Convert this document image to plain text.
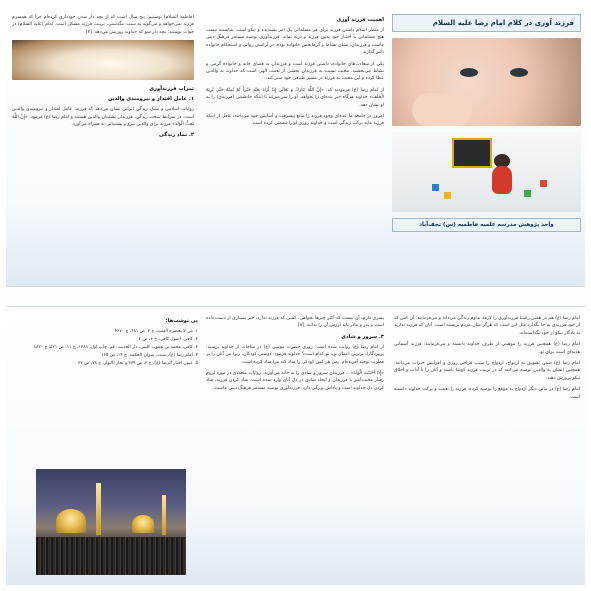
(فاطمه السلام) نوشتیم: پنج سال است که از بچه دار شدن خودداری کرده‌ام چرا که همسرم فرزند نمی‌خواهد و می‌گوید به سبب تنگدستی، تربیت فرزند مشکل است. امام (علیه السلام) در جواب نوشتند: بچه دار شو که خداوند روزیش می‌دهد. [۷]

ثمرات فرزندآوری
۱. عامل اقتدار و نیرومندی والدین

روایات اسلامی و سبک زندگی ایرانی نشان می‌دهد که فرزند، عامل اقتدار و نیرومندی والدین است. در شرایط سخت زندگی، فرزندان پشتیبان والدین هستند و امام رضا (ع) فرمود: «إِنَّ اللَّهَ يُحِبُّ الْوَلَدَ» فرزند برای والدین نیرو و پشتیبانی به همراه می‌آورد.

۲. نماد زندگی
اهمیت فرزند آوری

از منظر اسلام داشتن فرزند برای هر مسلمانی یک امر پسندیده و نیکو است. شایسته نیست هیچ مسلمانی با اختیار خود بدون فرزند و ذریه بماند. فرزندآوری توصیه مستمر فرهنگ دینی ماست و فرزندان، نشان نشاط و گرمابخش خانواده بوده، در آرامش روانی و استحکام خانواده تاثیر گذارند.

یکی از سعادت‌های خانواده، داشتن فرزند است و فرزندان به فضای خانه و خانواده گرمی و نشاط می‌بخشند. محبت نسبت به فرزندان بخشی از نعمت الهی است که خداوند به والدین عطا کرده و این محبت به فرزند در مسیر طبیعی خود سیر کند.

از امام رضا (ع) فرمودند که: «إِنَّ اللَّهَ تَبَارَكَ وَ تَعَالَى إِذَا أَرَادَ بِعَبْدٍ خَيْراً لَمْ يُمِتْهُ حَتَّى يُرِيَهُ الْخَلَفَ» خداوند هرگاه خیر بنده‌ای را بخواهد، او را نمی‌میراند تا اینکه جانشینی (فرزندی) را به او نشان دهد.

امروز در جامعه ما عده‌ای وجود فرزند را مانع پیشرفت و آسایش خود می‌دانند، غافل از اینکه فرزند مایه برکت زندگی است و خداوند روزی او را تضمین کرده است.

فرزند آوری در کلام امام رضا علیه السلام
واحد پژوهش مدرسه علمیه فاطمیه (س) نجف‌آباد
پی نوشت‌ها:
۱. من لا یحضره الفقیه، ج ۳، ص ۴۸۱، ح ۴۶۷۰
۲. کافی، اصول کافی، ج ۶، ص ۲
۳. کافی، محمد بن یعقوب کلینی، دار الحدیث، قم، چاپ اول، ۱۳۸۸، ج ۱۱، ص ۵۲۱، ح ۸۸۲۰
۴. امام رضا (ع)، سنت، میزان الحکمه، ج ۱۴، ص ۱۳۵
۵. عیون اخبار الرضا (ع)، ج ۲، ص ۳۷۹ و بحار الانوار، ج ۷۸، ص ۳۲

پسری دارم، آن نیست که اکثر چیزها نخواهی. کسی که فرزند ندارد، خیر بسیاری از دست داده است و پدر و مادر باید ارزش آن را بدانند. [۸]

۳. سرور و شادی

از امام رضا (ع) روایت شده است: روزی حضرت موسی (ع) در مناجات از خداوند پرسید: پروردگارا، برترین اعمال نزد تو کدام است؟ خداوند فرمود: دوستی کودکان، زیرا من آنان را بر فطرت توحید آفریده‌ام. پس هر کس کودکی را شاد کند مرا شاد کرده است.

«إِذَا أَحْبَبْتَ الْوَلَدَ»… فرزندان سرور و شادی را به خانه می‌آورند. روایات متعددی در مورد لزوم رفتار محبت‌آمیز با فرزندان و ایجاد شادی در دل آنان وارد شده است. شاد کردن فرزند، شاد کردن دل خداوند است و پاداش بزرگی دارد. فرزندآوری توصیه مستمر فرهنگ دینی ماست.

امام رضا (ع) هم در همین راستا فرزندآوری را لازمه تداوم زندگی می‌داند و می‌فرمایند: آن کس که از خود فرزندی به جا نگذارد مثل این است که هرگز میان مردم نزیسته است. آنان که فرزند ندارند به یادگار نیکو از خود نگذاشته‌اند.

امام رضا (ع) همچنین فرزند را موهبتی از طرف خداوند دانسته و می‌فرمایند: فرزند آسمانی هدیه‌ای است برای تو.

امام رضا (ع) ضمن تشویق به ازدواج، ازدواج را سبب فراخی روزی و افزایش خیرات می‌دانند. همچنین ایشان به والدین توصیه می‌کنند که در تربیت فرزند کوشا باشند و آنان را با آداب و اخلاق نیکو پرورش دهند.

امام رضا (ع) در بیانی دیگر ازدواج به موقع را توصیه کرده، فرزند را نعمت و برکت خداوند دانسته است.
